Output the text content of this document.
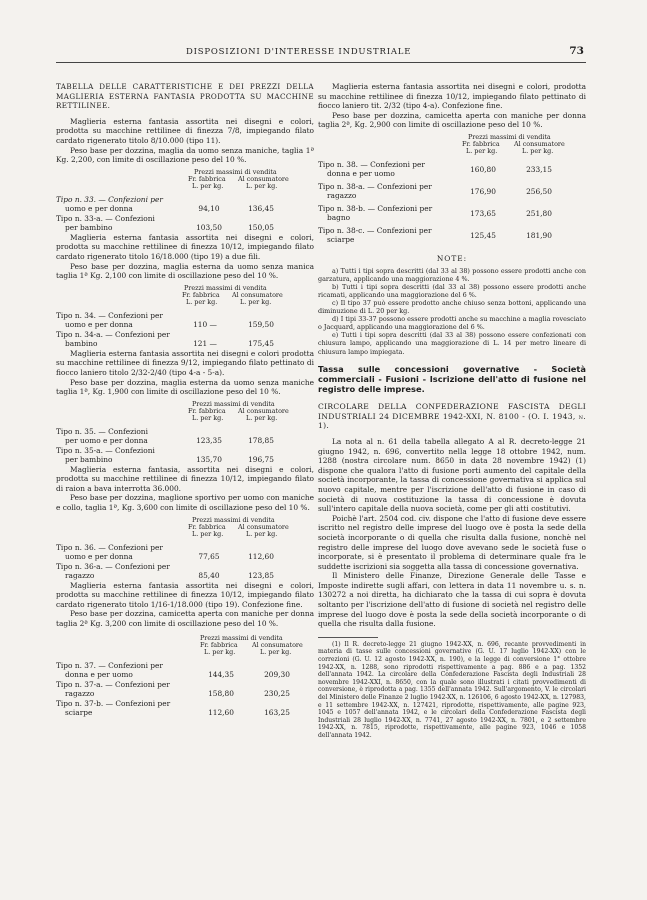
DISPOSIZIONI D'INTERESSE INDUSTRIALE	73

TABELLA DELLE CARATTERISTICHE E DEI PREZZI DELLA MAGLIERIA ESTERNA FANTASIA PRODOTTA SU MACCHINE RETTILINEE.

Maglieria esterna fantasia assortita nei disegni e colori, prodotta su macchine rettilinee di finezza 7/8, impiegando filato cardato rigenerato titolo 8/10.000 (tipo 11).

Peso base per dozzina, maglia da uomo senza maniche, taglia 1ª Kg. 2,200, con limite di oscillazione peso del 10 %.

Prezzi massimi di vendita
Fr. fabbrica Al consumatore
L. per kg.	L. per kg.
Tipo n. 33. — Confezioni per
uomo e per donna	94,10	136,45
Tipo n. 33-a. — Confezioni
per bambino	103,50	150,05

Maglieria esterna fantasia assortita nei disegni e colori, prodotta su macchine rettilinee di finezza 10/12, impiegando filato cardato rigenerato titolo 16/18.000 (tipo 19) a due fili.

Peso base per dozzina, maglia esterna da uomo senza manica taglia 1ª Kg. 2,100 con limite di oscillazione peso del 10 %.

Prezzi massimi di vendita
Fr. fabbrica Al consumatore
L. per kg.	L. per kg.
Tipo n. 34. — Confezioni per
uomo e per donna	110 —	159,50
Tipo n. 34-a. — Confezioni per
bambino	121 —	175,45

Maglieria esterna fantasia assortita nei disegni e colori prodotta su macchine rettilinee di finezza 9/12, impiegando filato pettinato di fiocco laniero titolo 2/32-2/40 (tipo 4-a - 5-a).

Peso base per dozzina, maglia esterna da uomo senza maniche taglia 1ª, Kg. 1,900 con limite di oscillazione peso del 10 %.

Prezzi massimi di vendita
Fr. fabbrica Al consumatore
L. per kg.	L. per kg.
Tipo n. 35. — Confezioni
per uomo e per donna	123,35	178,85
Tipo n. 35-a. — Confezioni
per bambino	135,70	196,75

Maglieria esterna fantasia, assortita nei disegni e colori, prodotta su macchine rettilinee di finezza 10/12, impiegando filato di raion a bava interrotta 36.000.

Peso base per dozzina, maglione sportivo per uomo con maniche e collo, taglia 1ª, Kg. 3,600 con limite di oscillazione peso del 10 %.

Prezzi massimi di vendita
Fr. fabbrica Al consumatore
L. per kg.	L. per kg.
Tipo n. 36. — Confezioni per
uomo e per donna	77,65	112,60
Tipo n. 36-a. — Confezioni per
ragazzo	85,40	123,85

Maglieria esterna fantasia assortita nei disegni e colori, prodotta su macchine rettilinee di finezza 10/12, impiegando filato cardato rigenerato titolo 1/16-1/18.000 (tipo 19). Confezione fine.

Peso base per dozzina, camicetta aperta con maniche per donna taglia 2ª Kg. 3,200 con limite di oscillazione peso del 10 %.

Prezzi massimi di vendita
Fr. fabbrica Al consumatore
L. per kg.	L. per kg.
Tipo n. 37. — Confezioni per
donna e per uomo	144,35	209,30
Tipo n. 37-a. — Confezioni per
ragazzo	158,80	230,25
Tipo n. 37-b. — Confezioni per
sciarpe	112,60	163,25

Maglieria esterna fantasia assortita nei disegni e colori, prodotta su macchine rettilinee di finezza 10/12, impiegando filato pettinato di fiocco laniero tit. 2/32 (tipo 4-a). Confezione fine.

Peso base per dozzina, camicetta aperta con maniche per donna taglia 2ª, Kg. 2,900 con limite di oscillazione peso del 10 %.

Prezzi massimi di vendita
Fr. fabbrica Al consumatore
L. per kg.	L. per kg.
Tipo n. 38. — Confezioni per
donna e per uomo	160,80	233,15
Tipo n. 38-a. — Confezioni per
ragazzo	176,90	256,50
Tipo n. 38-b. — Confezioni per
bagno	173,65	251,80
Tipo n. 38-c. — Confezioni per
sciarpe	125,45	181,90

NOTE:

a) Tutti i tipi sopra descritti (dal 33 al 38) possono essere prodotti anche con garzatura, applicando una maggiorazione 4 %.

b) Tutti i tipi sopra descritti (dal 33 al 38) possono essere prodotti anche ricamati, applicando una maggiorazione del 6 %.

c) Il tipo 37 può essere prodotto anche chiuso senza bottoni, applicando una diminuzione di L. 20 per kg.

d) I tipi 33-37 possono essere prodotti anche su macchine a maglia rovesciato o Jacquard, applicando una maggiorazione del 6 %.

e) Tutti i tipi sopra descritti (dal 33 al 38) possono essere confezionati con chiusura lampo, applicando una maggiorazione di L. 14 per metro lineare di chiusura lampo impiegata.

Tassa sulle concessioni governative - Società commerciali - Fusioni - Iscrizione dell'atto di fusione nel registro delle imprese.

CIRCOLARE DELLA CONFEDERAZIONE FASCISTA DEGLI INDUSTRIALI 24 DICEMBRE 1942-XXI, N. 8100 - (O. I. 1943, n. 1).

La nota al n. 61 della tabella allegato A al R. decreto-legge 21 giugno 1942, n. 696, convertito nella legge 18 ottobre 1942, num. 1288 (nostra circolare num. 8650 in data 28 novembre 1942) (1) dispone che qualora l'atto di fusione porti aumento del capitale della società incorporante, la tassa di concessione governativa si applica sul nuovo capitale, mentre per l'iscrizione dell'atto di fusione in caso di società di nuova costituzione la tassa di concessione è dovuta sull'intero capitale della nuova società, come per gli atti costitutivi.

Poichè l'art. 2504 cod. civ. dispone che l'atto di fusione deve essere iscritto nel registro delle imprese del luogo ove è posta la sede della società incorporante o di quella che risulta dalla fusione, nonchè nel registro delle imprese del luogo dove avevano sede le società fuse o incorporate, si è presentato il problema di determinare quale fra le suddette iscrizioni sia soggetta alla tassa di concessione governativa.

Il Ministero delle Finanze, Direzione Generale delle Tasse e Imposte indirette sugli affari, con lettera in data 11 novembre u. s. n. 130272 a noi diretta, ha dichiarato che la tassa di cui sopra è dovuta soltanto per l'iscrizione dell'atto di fusione di società nel registro delle imprese del luogo dove è posta la sede della società incorporante o di quella che risulta dalla fusione.

(1) Il R. decreto-legge 21 giugno 1942-XX, n. 696, recante provvedimenti in materia di tasse sulle concessioni governative (G. U. 17 luglio 1942-XX) con le correzioni (G. U. 12 agosto 1942-XX, n. 190), e la legge di conversione 1° ottobre 1942-XX, n. 1288, sono riprodotti rispettivamente a pag. 886 e a pag. 1352 dell'annata 1942. La circolare della Confederazione Fascista degli Industriali 28 novembre 1942-XXI, n. 8650, con la quale sono illustrati i citati provvedimenti di conversione, è riprodotta a pag. 1355 dell'annata 1942. Sull'argomento, V. le circolari del Ministero delle Finanze 2 luglio 1942-XX, n. 126106, 6 agosto 1942-XX, n. 127983, e 11 settembre 1942-XX, n. 127421, riprodotte, rispettivamente, alle pagine 923, 1045 e 1057 dell'annata 1942, e le circolari della Confederazione Fascista degli Industriali 28 luglio 1942-XX, n. 7741, 27 agosto 1942-XX, n. 7801, e 2 settembre 1942-XX, n. 7815, riprodotte, rispettivamente, alle pagine 923, 1046 e 1058 dell'annata 1942.
